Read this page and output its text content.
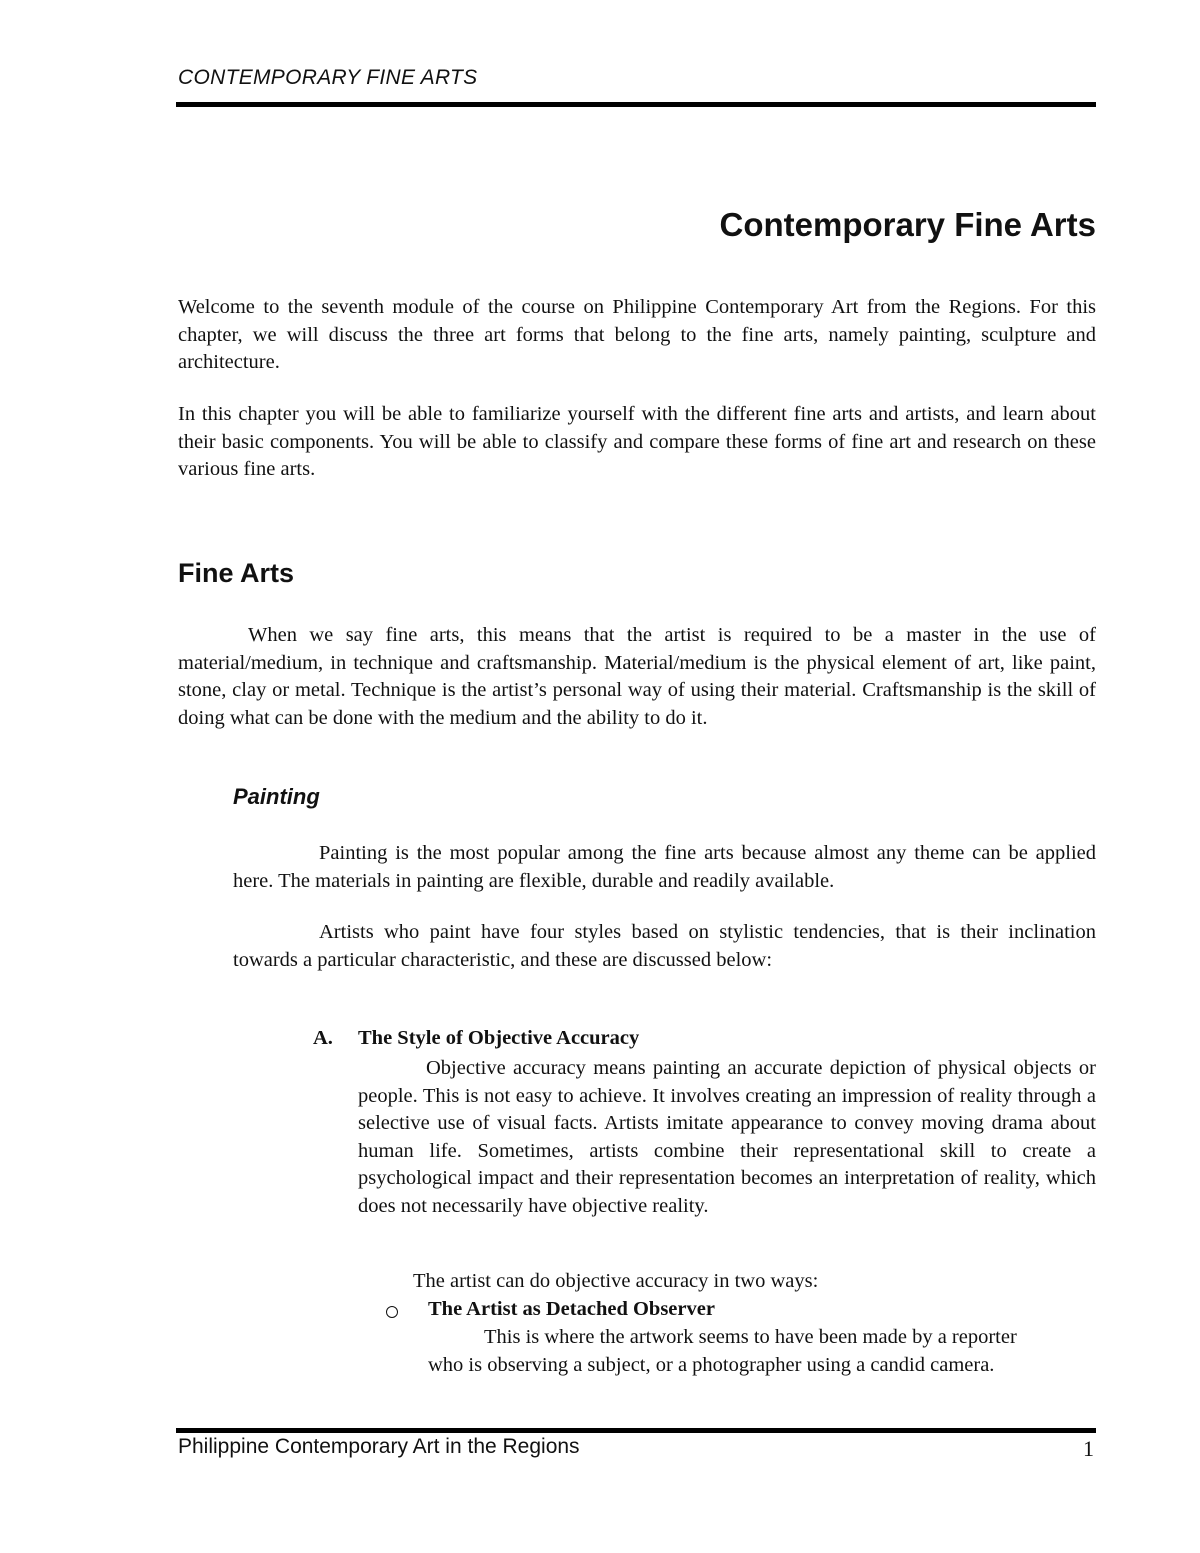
CONTEMPORARY FINE ARTS
Contemporary Fine Arts

Welcome to the seventh module of the course on Philippine Contemporary Art from the Regions. For this chapter, we will discuss the three art forms that belong to the fine arts, namely painting, sculpture and architecture.

In this chapter you will be able to familiarize yourself with the different fine arts and artists, and learn about their basic components. You will be able to classify and compare these forms of fine art and research on these various fine arts.

Fine Arts

When we say fine arts, this means that the artist is required to be a master in the use of material/medium, in technique and craftsmanship. Material/medium is the physical element of art, like paint, stone, clay or metal. Technique is the artist’s personal way of using their material. Craftsmanship is the skill of doing what can be done with the medium and the ability to do it.

Painting

Painting is the most popular among the fine arts because almost any theme can be applied here. The materials in painting are flexible, durable and readily available.

Artists who paint have four styles based on stylistic tendencies, that is their inclination towards a particular characteristic, and these are discussed below:

A. The Style of Objective Accuracy

Objective accuracy means painting an accurate depiction of physical objects or people. This is not easy to achieve. It involves creating an impression of reality through a selective use of visual facts. Artists imitate appearance to convey moving drama about human life. Sometimes, artists combine their representational skill to create a psychological impact and their representation becomes an interpretation of reality, which does not necessarily have objective reality.

The artist can do objective accuracy in two ways:
The Artist as Detached Observer
This is where the artwork seems to have been made by a reporter
who is observing a subject, or a photographer using a candid camera.
Philippine Contemporary Art in the Regions	1
